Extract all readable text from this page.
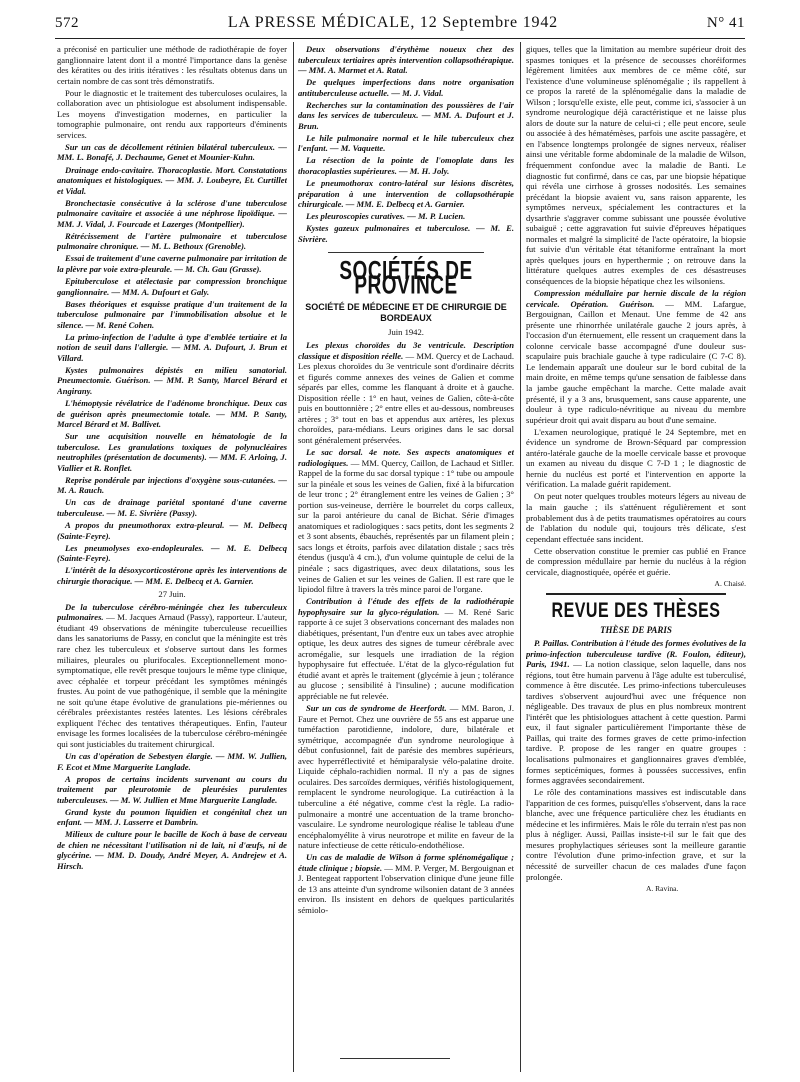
572	LA PRESSE MÉDICALE, 12 Septembre 1942	N° 41

a préconisé en particulier une méthode de radiothérapie de foyer ganglionnaire latent dont il a montré l'importance dans la genèse des kératites ou des iritis itératives : les résultats obtenus dans un certain nombre de cas sont très démonstratifs.

Pour le diagnostic et le traitement des tuberculoses oculaires, la collaboration avec un phtisiologue est absolument indispensable. Les moyens d'investigation modernes, en particulier la tomographie pulmonaire, ont rendu aux rapporteurs d'éminents services.

Sur un cas de décollement rétinien bilatéral tuberculeux. — MM. L. Bonafé, J. Dechaume, Genet et Mounier-Kuhn.

Drainage endo-cavitaire. Thoracoplastie. Mort. Constatations anatomiques et histologiques. — MM. J. Loubeyre, Et. Curtillet et Vidal.

Bronchectasie consécutive à la sclérose d'une tuberculose pulmonaire cavitaire et associée à une néphrose lipoïdique. — MM. J. Vidal, J. Fourcade et Lazerges (Montpellier).

Rétrécissement de l'artère pulmonaire et tuberculose pulmonaire chronique. — M. L. Bethoux (Grenoble).

Essai de traitement d'une caverne pulmonaire par irritation de la plèvre par voie extra-pleurale. — M. Ch. Gau (Grasse).

Epituberculose et atélectasie par compression bronchique ganglionnaire. — MM. A. Dufourt et Galy.

Bases théoriques et esquisse pratique d'un traitement de la tuberculose pulmonaire par l'immobilisation absolue et le silence. — M. René Cohen.

La primo-infection de l'adulte à type d'emblée tertiaire et la notion de seuil dans l'allergie. — MM. A. Dufourt, J. Brun et Villard.

Kystes pulmonaires dépistés en milieu sanatorial. Pneumectomie. Guérison. — MM. P. Santy, Marcel Bérard et Angirany.

L'hémoptysie révélatrice de l'adénome bronchique. Deux cas de guérison après pneumectomie totale. — MM. P. Santy, Marcel Bérard et M. Ballivet.

Sur une acquisition nouvelle en hématologie de la tuberculose. Les granulations toxiques de polynucléaires neutrophiles (présentation de documents). — MM. F. Arloing, J. Viallier et R. Ronflet.

Reprise pondérale par injections d'oxygène sous-cutanées. — M. A. Rauch.

Un cas de drainage pariétal spontané d'une caverne tuberculeuse. — M. E. Sivrière (Passy).

A propos du pneumothorax extra-pleural. — M. Delbecq (Sainte-Feyre).

Les pneumolyses exo-endopleurales. — M. E. Delbecq (Sainte-Feyre).

L'intérêt de la désoxycorticostérone après les interventions de chirurgie thoracique. — MM. E. Delbecq et A. Garnier.

27 Juin.

De la tuberculose cérébro-méningée chez les tuberculeux pulmonaires. — M. Jacques Arnaud (Passy), rapporteur. L'auteur, étudiant 49 observations de méningite tuberculeuse recueillies dans les sanatoriums de Passy, en conclut que la méningite est très rare chez les tuberculeux et s'observe surtout dans les formes miliaires, pleurales ou plurifocales. Exceptionnellement mono-symptomatique, elle revêt presque toujours le même type clinique, avec céphalée et torpeur précédant les symptômes méningés frustes. Au point de vue pathogénique, il semble que la méningite ne soit qu'une étape évolutive de granulations pie-mériennes ou cérébrales préexistantes restées latentes. Les lésions cérébrales expliquent l'échec des tentatives thérapeutiques. Enfin, l'auteur envisage les formes localisées de la tuberculose cérébro-méningée qui sont justiciables du traitement chirurgical.

Un cas d'opération de Sebestyen élargie. — MM. W. Jullien, F. Ecot et Mme Marguerite Langlade.

A propos de certains incidents survenant au cours du traitement par pleurotomie de pleurésies purulentes tuberculeuses. — M. W. Jullien et Mme Marguerite Langlade.

Grand kyste du poumon liquidien et congénital chez un enfant. — MM. J. Lasserre et Dambrin.

Milieux de culture pour le bacille de Koch à base de cerveau de chien ne nécessitant l'utilisation ni de lait, ni d'œufs, ni de glycérine. — MM. D. Doudy, André Meyer, A. Andrejew et A. Hirsch.

Deux observations d'érythème noueux chez des tuberculeux tertiaires après intervention collapsothérapique. — MM. A. Marmet et A. Ratal.

De quelques imperfections dans notre organisation antituberculeuse actuelle. — M. J. Vidal.

Recherches sur la contamination des poussières de l'air dans les services de tuberculeux. — MM. A. Dufourt et J. Brun.

Le hile pulmonaire normal et le hile tuberculeux chez l'enfant. — M. Vaquette.

La résection de la pointe de l'omoplate dans les thoracoplasties supérieures. — M. H. Joly.

Le pneumothorax contro-latéral sur lésions discrètes, préparation à une intervention de collapsothérapie chirurgicale. — MM. E. Delbecq et A. Garnier.

Les pleuroscopies curatives. — M. P. Lucien.

Kystes gazeux pulmonaires et tuberculose. — M. E. Sivrière.

SOCIÉTÉS DE PROVINCE
SOCIÉTÉ DE MÉDECINE ET DE CHIRURGIE DE BORDEAUX
Juin 1942.

Les plexus choroïdes du 3e ventricule. Description classique et disposition réelle. — MM. Quercy et de Lachaud. Les plexus choroïdes du 3e ventricule sont d'ordinaire décrits et figurés comme annexes des veines de Galien et comme séparés par elles, comme les flanquant à droite et à gauche. Disposition réelle : 1° en haut, veines de Galien, côte-à-côte puis en bouttonnière ; 2° entre elles et au-dessous, nombreuses artères ; 3° tout en bas et appendus aux artères, les plexus choroïdes, para-médians. Leurs origines dans le sac dorsal sont généralement préservées.

Le sac dorsal. 4e note. Ses aspects anatomiques et radiologiques. — MM. Quercy, Caillon, de Lachaud et Sitller. Rappel de la forme du sac dorsal typique : 1° tube ou ampoule sur la pinéale et sous les veines de Galien, fixé à la bifurcation de leur tronc ; 2° étranglement entre les veines de Galien ; 3° portion sus-veineuse, derrière le bourrelet du corps calleux, sur la paroi antérieure du canal de Bichat. Série d'images anatomiques et radiologiques : sacs petits, dont les segments 2 et 3 sont absents, ébauchés, représentés par un filament plein ; sacs longs et étroits, parfois avec dilatation distale ; sacs très étendus (jusqu'à 4 cm.), d'un volume quintuple de celui de la pinéale ; sacs digastriques, avec deux dilatations, sous les veines de Galien et sur les veines de Galien. Il est rare que le lipiodol filtre à travers la très mince paroi de l'organe.

Contribution à l'étude des effets de la radiothérapie hypophysaire sur la glyco-régulation. — M. René Saric rapporte à ce sujet 3 observations concernant des malades non diabétiques, présentant, l'un d'entre eux un tabes avec atrophie optique, les deux autres des signes de tumeur cérébrale avec acromégalie, sur lesquels une irradiation de la région hypophysaire fut effectuée. L'état de la glyco-régulation fut étudié avant et après le traitement (glycémie à jeun ; tolérance au glucose ; sensibilité à l'insuline) ; aucune modification appréciable ne fut relevée.

Sur un cas de syndrome de Heerfordt. — MM. Baron, J. Faure et Pernot. Chez une ouvrière de 55 ans est apparue une tuméfaction parotidienne, indolore, dure, bilatérale et symétrique, accompagnée d'un syndrome neurologique à début confusionnel, fait de parésie des membres supérieurs, avec hyperréflectivité et hémiparalysie vélo-palatine droite. Liquide céphalo-rachidien normal. Il n'y a pas de signes oculaires. Des sarcoïdes dermiques, vérifiés histologiquement, remplacent le syndrome neurologique. La cutiréaction à la tuberculine a été négative, comme c'est la règle. La radio-pulmonaire a montré une accentuation de la trame broncho-vasculaire. Le syndrome neurologique réalise le tableau d'une encéphalomyélite à virus neurotrope et milite en faveur de la nature infectieuse de cette réticulo-endothéliose.

Un cas de maladie de Wilson à forme splénomégalique ; étude clinique ; biopsie. — MM. P. Verger, M. Bergouignan et J. Bentegeat rapportent l'observation clinique d'une jeune fille de 13 ans atteinte d'un syndrome wilsonien datant de 3 années environ. Ils insistent en dehors de quelques particularités sémiolo-

giques, telles que la limitation au membre supérieur droit des spasmes toniques et la présence de secousses choréiformes légèrement limitées aux membres de ce même côté, sur l'existence d'une volumineuse splénomégalie ; ils rappellent à ce propos la rareté de la splénomégalie dans la maladie de Wilson ; lorsqu'elle existe, elle peut, comme ici, s'associer à un syndrome neurologique déjà caractéristique et ne laisse plus alors de doute sur la nature de celui-ci ; elle peut encore, seule ou associée à des hématémèses, parfois une ascite passagère, et en l'absence longtemps prolongée de signes nerveux, réaliser ainsi une véritable forme abdominale de la maladie de Wilson, fréquemment confondue avec la maladie de Banti. Le diagnostic fut confirmé, dans ce cas, par une biopsie hépatique qui révéla une cirrhose à grosses nodosités. Les semaines précédant la biopsie avaient vu, sans raison apparente, les symptômes nerveux, spécialement les contractures et la dysarthrie s'aggraver comme subissant une poussée évolutive subaiguë ; cette aggravation fut suivie d'épreuves hépatiques normales et malgré la simplicité de l'acte opératoire, la biopsie fut suivie d'un véritable état tétaniforme entraînant la mort après quelques jours en hyperthermie ; on retrouve dans la littérature quelques autres exemples de ces désastreuses conséquences de la biopsie hépatique chez les wilsoniens.

Compression médullaire par hernie discale de la région cervicale. Opération. Guérison. — MM. Lafargue, Bergouignan, Caillon et Menaut. Une femme de 42 ans présente une rhinorrhée unilatérale gauche 2 jours après, à l'occasion d'un éternuement, elle ressent un craquement dans la colonne cervicale basse accompagné d'une douleur sus-scapulaire puis brachiale gauche à type radiculaire (C 7-C 8). Le lendemain apparaît une douleur sur le bord cubital de la main droite, en même temps qu'une sensation de faiblesse dans la jambe gauche empêchant la marche. Cette malade avait présenté, il y a 3 ans, brusquement, sans cause apparente, une douleur à type radiculo-névritique au niveau du membre supérieur droit qui avait disparu au bout d'une semaine.

L'examen neurologique, pratiqué le 24 Septembre, met en évidence un syndrome de Brown-Séquard par compression antéro-latérale gauche de la moelle cervicale basse et provoque un examen au niveau du disque C 7-D 1 ; le diagnostic de hernie du nucléus est porté et l'intervention en apporte la vérification. La malade guérit rapidement.

On peut noter quelques troubles moteurs légers au niveau de la main gauche ; ils s'atténuent régulièrement et sont probablement dus à de petits traumatismes opératoires au cours de l'ablation du nodule qui, toujours très délicate, s'est cependant effectuée sans incident.

Cette observation constitue le premier cas publié en France de compression médullaire par hernie du nucléus à la région cervicale, diagnostiquée, opérée et guérie.

A. Chaisé.

REVUE DES THÈSES
THÈSE DE PARIS

P. Paillas. Contribution à l'étude des formes évolutives de la primo-infection tuberculeuse tardive (R. Foulon, éditeur), Paris, 1941. — La notion classique, selon laquelle, dans nos régions, tout être humain parvenu à l'âge adulte est tuberculisé, commence à être discutée. Les primo-infections tuberculeuses tardives s'observent aujourd'hui avec une fréquence non négligeable. Des travaux de plus en plus nombreux montrent l'intérêt que les phtisiologues attachent à cette question. Parmi eux, il faut signaler particulièrement l'importante thèse de Paillas, qui traite des formes graves de cette primo-infection tardive. P. propose de les ranger en quatre groupes : localisations pulmonaires et ganglionnaires graves d'emblée, formes septicémiques, formes à poussées successives, enfin formes aggravées secondairement.

Le rôle des contaminations massives est indiscutable dans l'apparition de ces formes, puisqu'elles s'observent, dans la race blanche, avec une fréquence particulière chez les étudiants en médecine et les infirmières. Mais le rôle du terrain n'est pas non plus à négliger. Aussi, Paillas insiste-t-il sur le fait que des mesures prophylactiques sérieuses sont la meilleure garantie contre l'évolution d'une primo-infection grave, et sur la nécessité de surveiller chacun de ces malades d'une façon prolongée.

A. Ravina.
